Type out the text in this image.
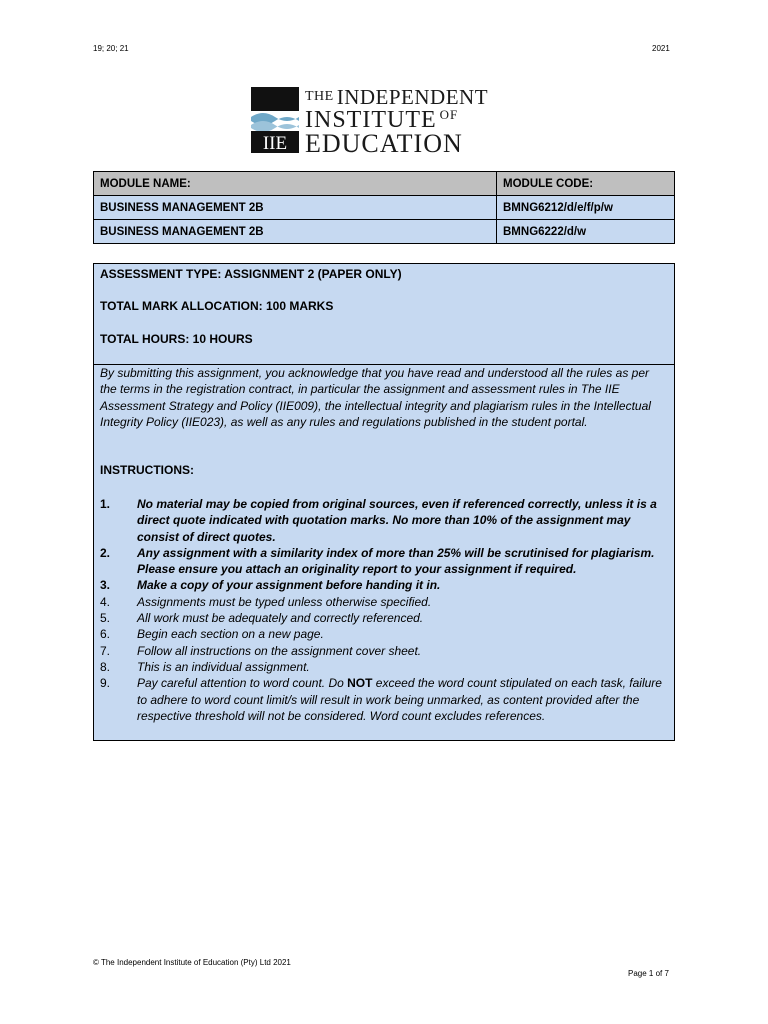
19; 20; 21	2021
IIE
THE INDEPENDENT
INSTITUTE $^{OF}$
EDUCATION
MODULE NAME:	MODULE CODE:
BUSINESS MANAGEMENT 2B	BMNG6212/d/e/f/p/w
BUSINESS MANAGEMENT 2B	BMNG6222/d/w
ASSESSMENT TYPE: ASSIGNMENT 2 (PAPER ONLY)
TOTAL MARK ALLOCATION: 100 MARKS
TOTAL HOURS: 10 HOURS
By submitting this assignment, you acknowledge that you have read and understood all the rules as per the terms in the registration contract, in particular the assignment and assessment rules in The IIE Assessment Strategy and Policy (IIE009), the intellectual integrity and plagiarism rules in the Intellectual Integrity Policy (IIE023), as well as any rules and regulations published in the student portal.
INSTRUCTIONS:
1. No material may be copied from original sources, even if referenced correctly, unless it is a direct quote indicated with quotation marks. No more than 10% of the assignment may consist of direct quotes.
2. Any assignment with a similarity index of more than 25% will be scrutinised for plagiarism. Please ensure you attach an originality report to your assignment if required.
3. Make a copy of your assignment before handing it in.
4. Assignments must be typed unless otherwise specified.
5. All work must be adequately and correctly referenced.
6. Begin each section on a new page.
7. Follow all instructions on the assignment cover sheet.
8. This is an individual assignment.
9. Pay careful attention to word count. Do NOT exceed the word count stipulated on each task, failure to adhere to word count limit/s will result in work being unmarked, as content provided after the respective threshold will not be considered. Word count excludes references.
© The Independent Institute of Education (Pty) Ltd 2021
Page 1 of 7
